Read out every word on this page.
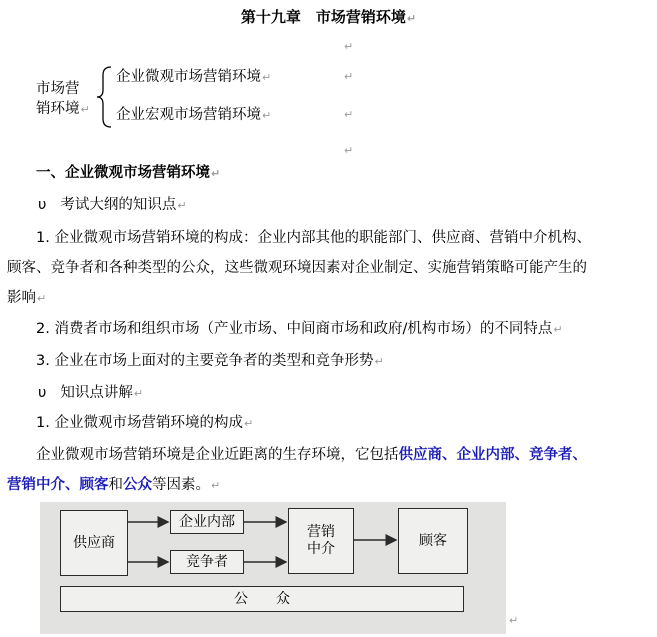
第十九章　市场营销环境↵
↵
↵
市场营
销环境↵
企业微观市场营销环境↵	↵
企业宏观市场营销环境↵	↵
一、企业微观市场营销环境↵
υ 考试大纲的知识点↵
1. 企业微观市场营销环境的构成：企业内部其他的职能部门、供应商、营销中介机构、
顾客、竞争者和各种类型的公众，这些微观环境因素对企业制定、实施营销策略可能产生的
影响↵
2. 消费者市场和组织市场（产业市场、中间商市场和政府/机构市场）的不同特点↵
3. 企业在市场上面对的主要竞争者的类型和竞争形势↵
υ 知识点讲解↵
1. 企业微观市场营销环境的构成↵
企业微观市场营销环境是企业近距离的生存环境，它包括供应商、企业内部、竞争者、
营销中介、顾客和公众等因素。↵
供应商
企业内部
竞争者
营销
中介
顾客
公　　众
↵
